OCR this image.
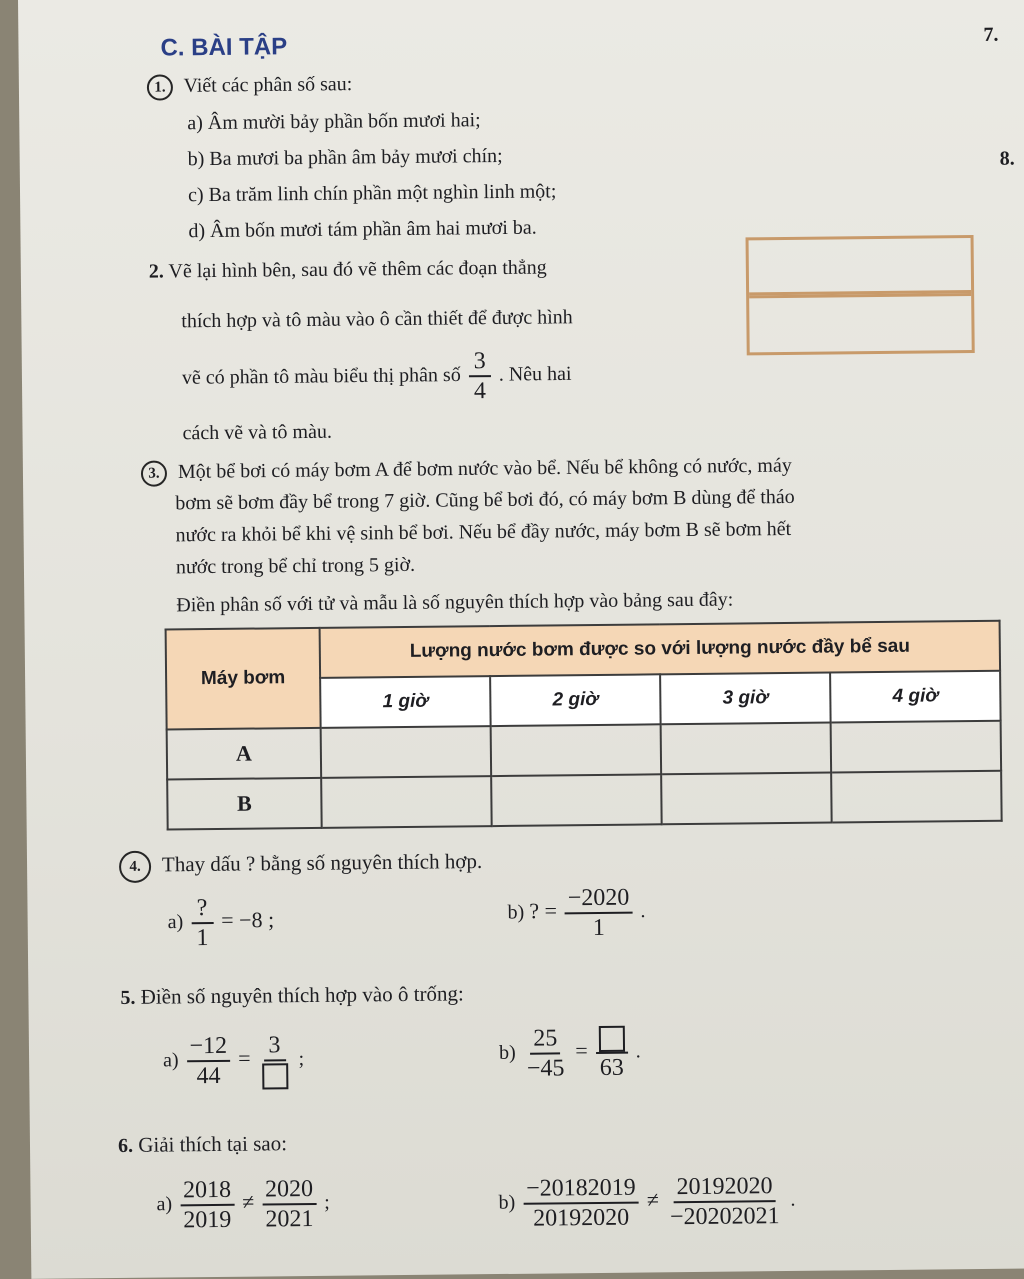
C. BÀI TẬP	7.
8.
1. Viết các phân số sau:
a) Âm mười bảy phần bốn mươi hai;
b) Ba mươi ba phần âm bảy mươi chín;
c) Ba trăm linh chín phần một nghìn linh một;
d) Âm bốn mươi tám phần âm hai mươi ba.
2. Vẽ lại hình bên, sau đó vẽ thêm các đoạn thẳng
thích hợp và tô màu vào ô cần thiết để được hình
vẽ có phần tô màu biểu thị phân số $\frac{3}{4}$ . Nêu hai
cách vẽ và tô màu.
3. Một bể bơi có máy bơm A để bơm nước vào bể. Nếu bể không có nước, máy
bơm sẽ bơm đầy bể trong 7 giờ. Cũng bể bơi đó, có máy bơm B dùng để tháo
nước ra khỏi bể khi vệ sinh bể bơi. Nếu bể đầy nước, máy bơm B sẽ bơm hết
nước trong bể chỉ trong 5 giờ.
Điền phân số với tử và mẫu là số nguyên thích hợp vào bảng sau đây:
Máy bơm	Lượng nước bơm được so với lượng nước đầy bể sau			
	1 giờ	2 giờ	3 giờ	4 giờ
A				
B				
4. Thay dấu ? bằng số nguyên thích hợp.
$a) \frac{?}{1} = -8$ ;	b) ? = $\frac{-2020}{1}$ .
5. Điền số nguyên thích hợp vào ô trống:
$a) \frac{-12}{44} = 3$
;	$b) \frac{25}{-45}$ =
63
.
6. Giải thích tại sao:
$a) \frac{2018}{2019} \ne \frac{2020}{2021}$ ;	$b) \frac{-20182019}{20192020} \ne \frac{20192020}{-20202021}$ .
